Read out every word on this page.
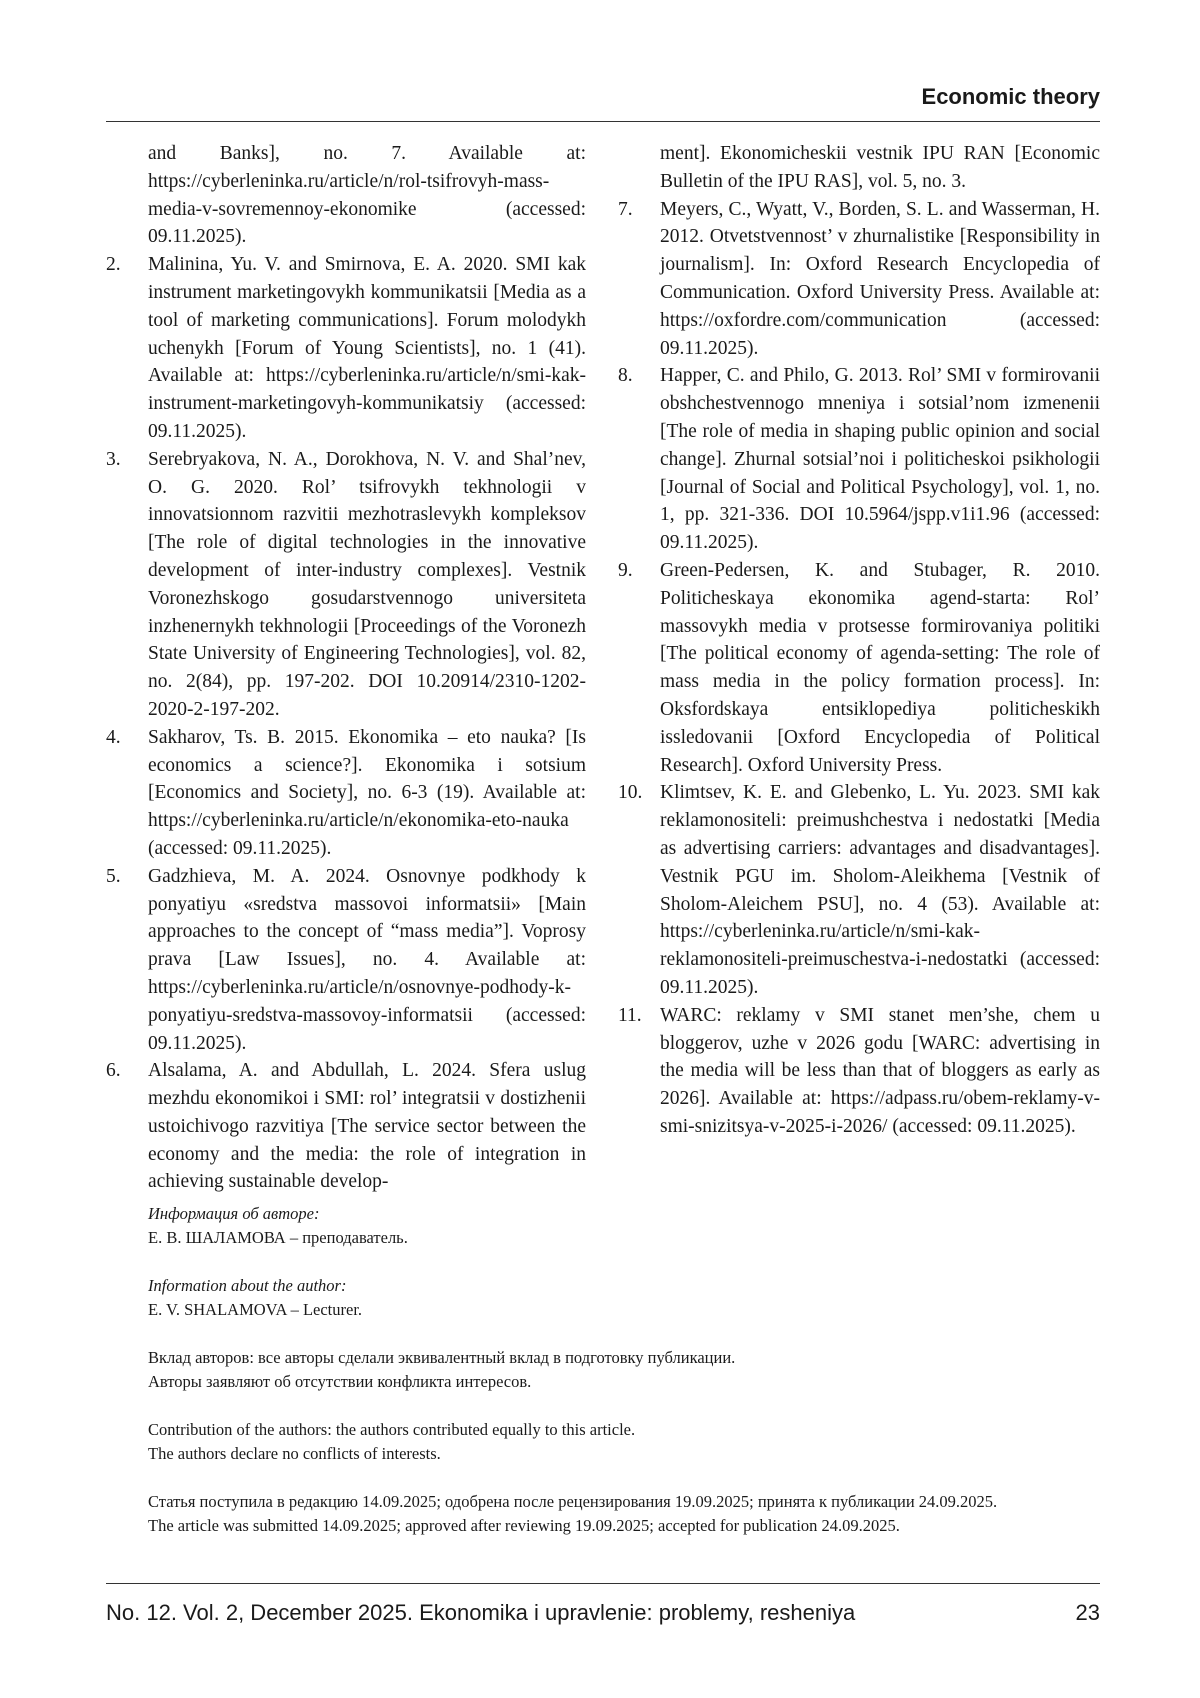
Economic theory

and Banks], no. 7. Available at: https://cyberleninka.ru/article/n/rol-tsifrovyh-mass-media-v-sovremennoy-ekonomike (accessed: 09.11.2025).

2. Malinina, Yu. V. and Smirnova, E. A. 2020. SMI kak instrument marketingovykh kommunikatsii [Media as a tool of marketing communications]. Forum molodykh uchenykh [Forum of Young Scientists], no. 1 (41). Available at: https://cyberleninka.ru/article/n/smi-kak-instrument-marketingovyh-kommunikatsiy (accessed: 09.11.2025).
3. Serebryakova, N. A., Dorokhova, N. V. and Shal’nev, O. G. 2020. Rol’ tsifrovykh tekhnologii v innovatsionnom razvitii mezhotraslevykh kompleksov [The role of digital technologies in the innovative development of inter-industry complexes]. Vestnik Voronezhskogo gosudarstvennogo universiteta inzhenernykh tekhnologii [Proceedings of the Voronezh State University of Engineering Technologies], vol. 82, no. 2(84), pp. 197-202. DOI 10.20914/2310-1202-2020-2-197-202.
4. Sakharov, Ts. B. 2015. Ekonomika – eto nauka? [Is economics a science?]. Ekonomika i sotsium [Economics and Society], no. 6-3 (19). Available at: https://cyberleninka.ru/article/n/ekonomika-eto-nauka (accessed: 09.11.2025).
5. Gadzhieva, M. A. 2024. Osnovnye podkhody k ponyatiyu «sredstva massovoi informatsii» [Main approaches to the concept of “mass media”]. Voprosy prava [Law Issues], no. 4. Available at: https://cyberleninka.ru/article/n/osnovnye-podhody-k-ponyatiyu-sredstva-massovoy-informatsii (accessed: 09.11.2025).
6. Alsalama, A. and Abdullah, L. 2024. Sfera uslug mezhdu ekonomikoi i SMI: rol’ integratsii v dostizhenii ustoichivogo razvitiya [The service sector between the economy and the media: the role of integration in achieving sustainable develop-

ment]. Ekonomicheskii vestnik IPU RAN [Economic Bulletin of the IPU RAS], vol. 5, no. 3.

7. Meyers, C., Wyatt, V., Borden, S. L. and Wasserman, H. 2012. Otvetstvennost’ v zhurnalistike [Responsibility in journalism]. In: Oxford Research Encyclopedia of Communication. Oxford University Press. Available at: https://oxfordre.com/communication (accessed: 09.11.2025).
8. Happer, C. and Philo, G. 2013. Rol’ SMI v formirovanii obshchestvennogo mneniya i sotsial’nom izmenenii [The role of media in shaping public opinion and social change]. Zhurnal sotsial’noi i politicheskoi psikhologii [Journal of Social and Political Psychology], vol. 1, no. 1, pp. 321-336. DOI 10.5964/jspp.v1i1.96 (accessed: 09.11.2025).
9. Green-Pedersen, K. and Stubager, R. 2010. Politicheskaya ekonomika agend-starta: Rol’ massovykh media v protsesse formirovaniya politiki [The political economy of agenda-setting: The role of mass media in the policy formation process]. In: Oksfordskaya entsiklopediya politicheskikh issledovanii [Oxford Encyclopedia of Political Research]. Oxford University Press.
10. Klimtsev, K. E. and Glebenko, L. Yu. 2023. SMI kak reklamonositeli: preimushchestva i nedostatki [Media as advertising carriers: advantages and disadvantages]. Vestnik PGU im. Sholom-Aleikhema [Vestnik of Sholom-Aleichem PSU], no. 4 (53). Available at: https://cyberleninka.ru/article/n/smi-kak-reklamonositeli-preimuschestva-i-nedostatki (accessed: 09.11.2025).
11. WARC: reklamy v SMI stanet men’she, chem u bloggerov, uzhe v 2026 godu [WARC: advertising in the media will be less than that of bloggers as early as 2026]. Available at: https://adpass.ru/obem-reklamy-v-smi-snizitsya-v-2025-i-2026/ (accessed: 09.11.2025).

Информация об авторе:

Е. В. ШАЛАМОВА – преподаватель.

Information about the author:

E. V. SHALAMOVA – Lecturer.

Вклад авторов: все авторы сделали эквивалентный вклад в подготовку публикации.

Авторы заявляют об отсутствии конфликта интересов.

Contribution of the authors: the authors contributed equally to this article.

The authors declare no conflicts of interests.

Статья поступила в редакцию 14.09.2025; одобрена после рецензирования 19.09.2025; принята к публикации 24.09.2025.

The article was submitted 14.09.2025; approved after reviewing 19.09.2025; accepted for publication 24.09.2025.

No. 12. Vol. 2, December 2025. Ekonomika i upravlenie: problemy, resheniya	23
